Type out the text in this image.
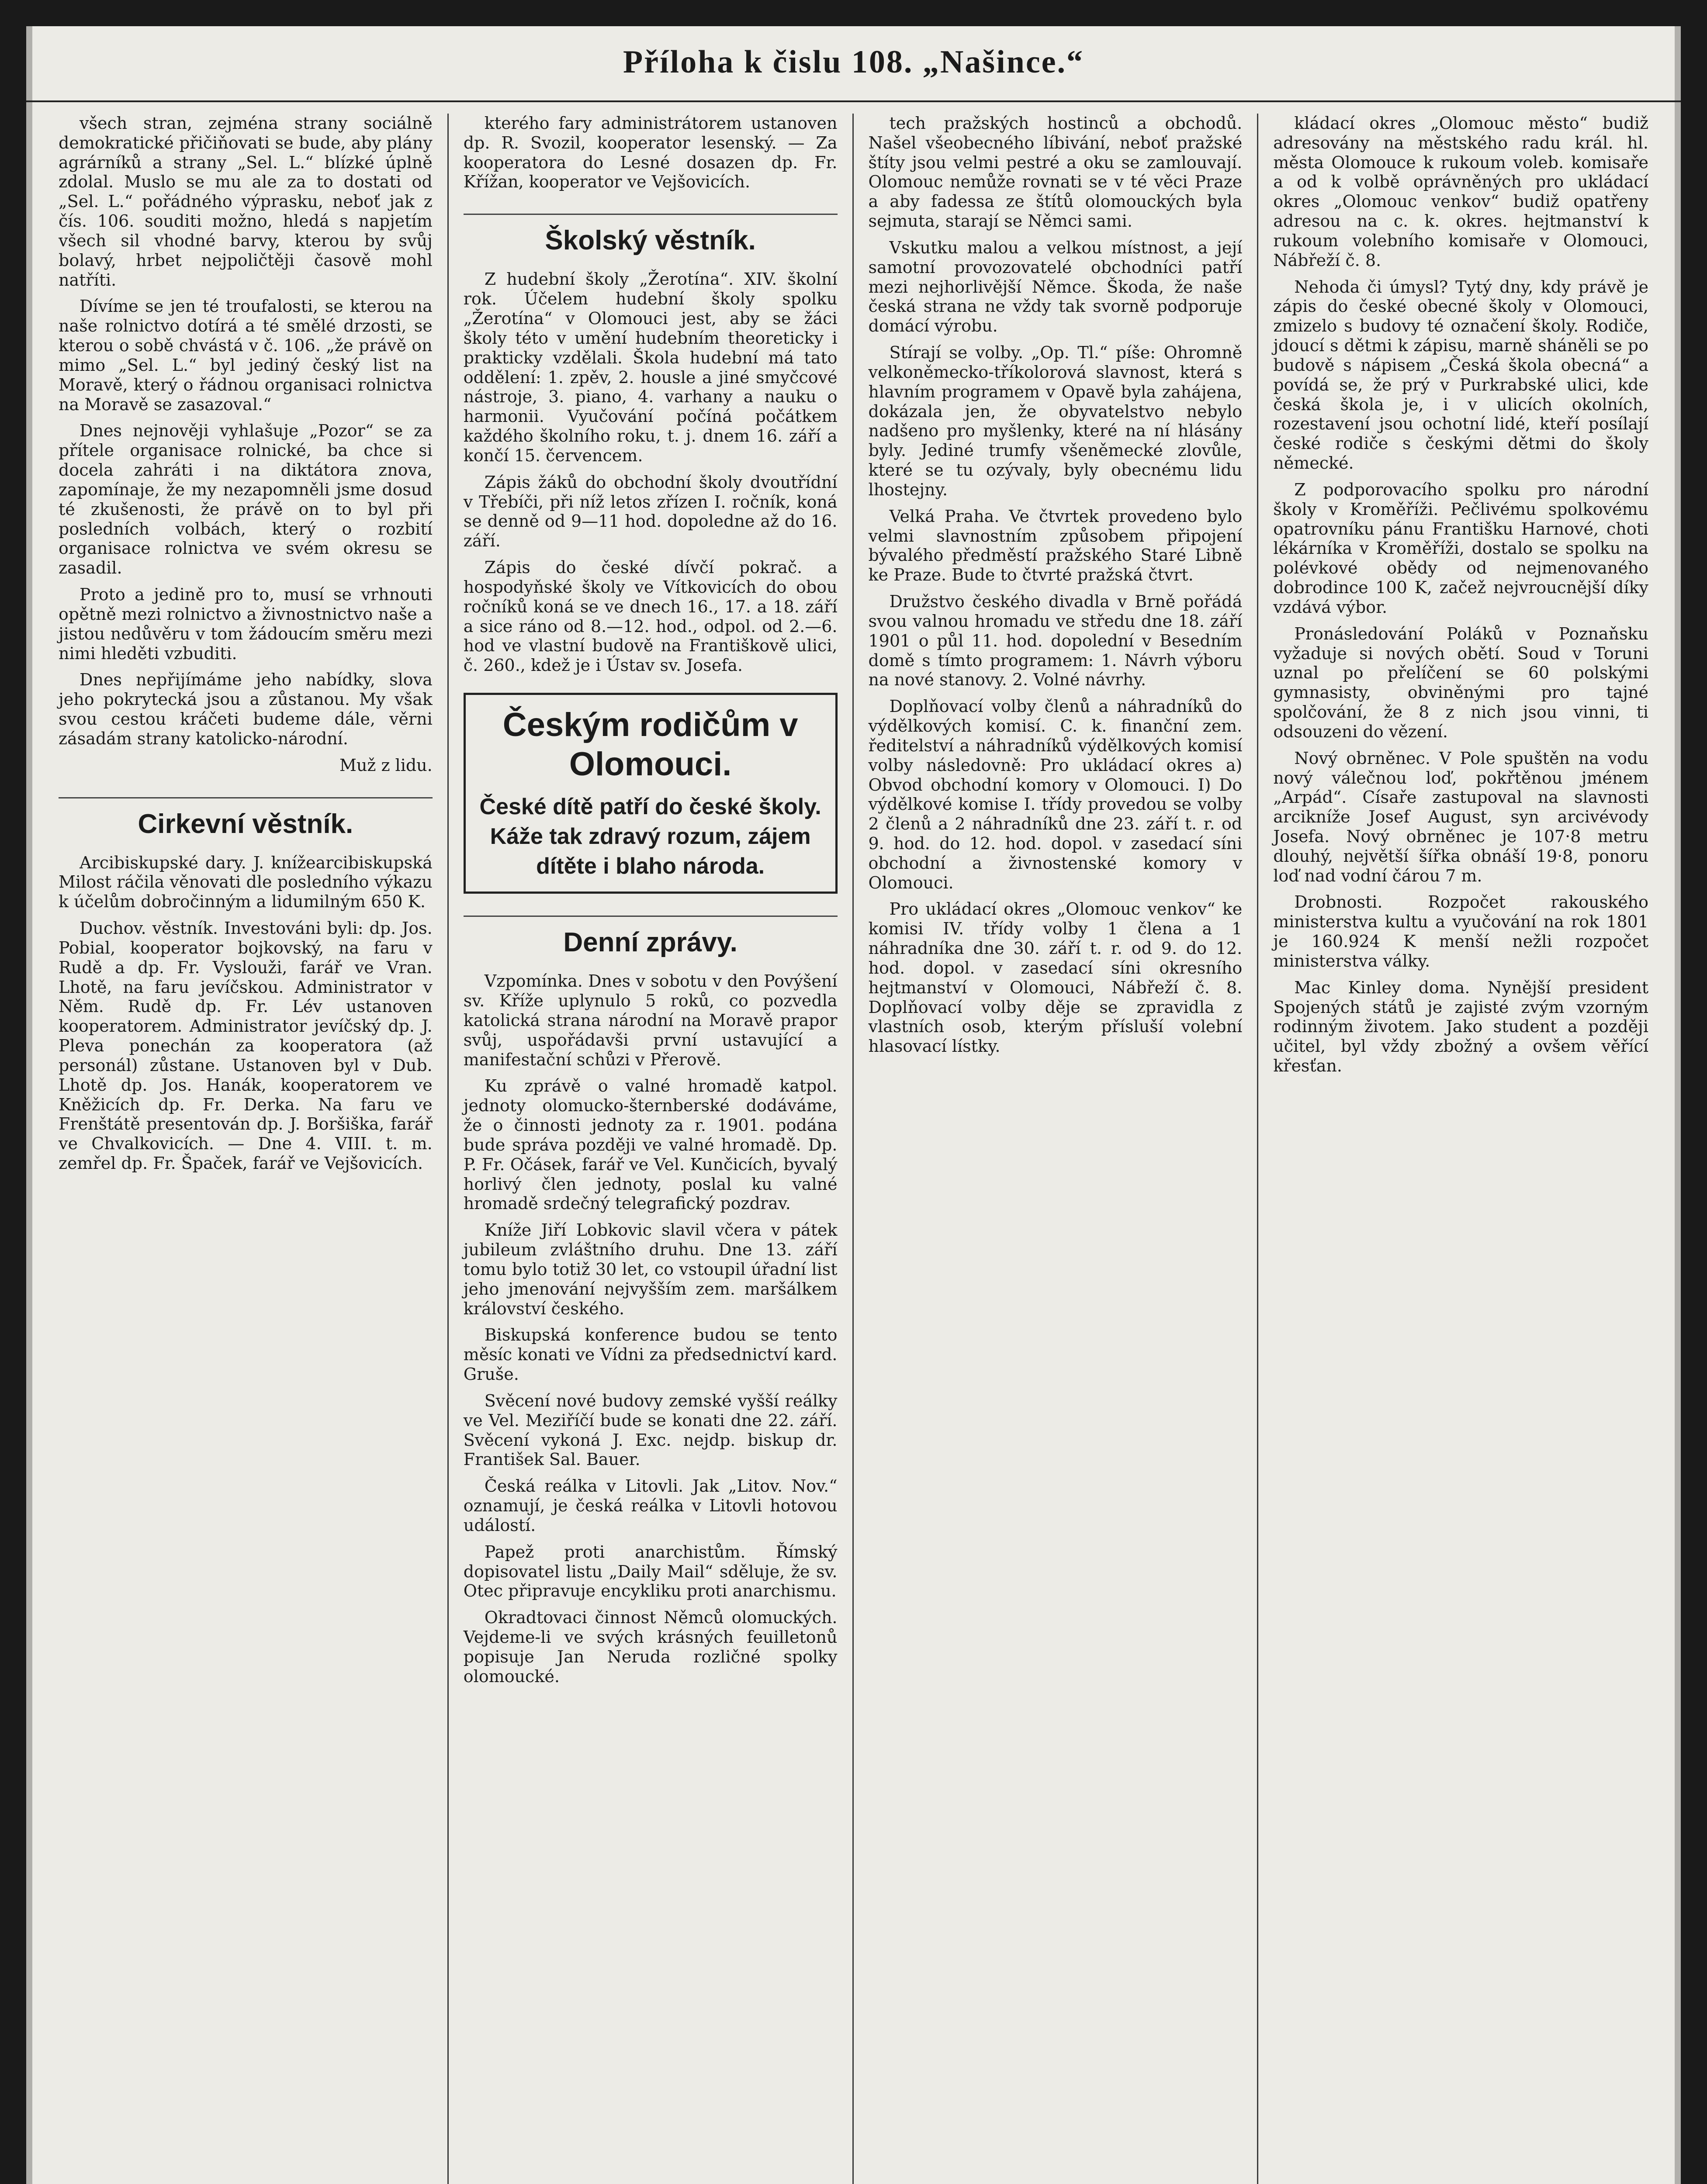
Příloha k čislu 108. „Našince.“

všech stran, zejména strany sociálně demokratické přičiňovati se bude, aby plány agrárníků a strany „Sel. L.“ blízké úplně zdolal. Muslo se mu ale za to dostati od „Sel. L.“ pořádného výprasku, neboť jak z čís. 106. souditi možno, hledá s napjetím všech sil vhodné barvy, kterou by svůj bolavý, hrbet nejpoličtěji časově mohl natříti.

Dívíme se jen té troufalosti, se kterou na naše rolnictvo dotírá a té smělé drzosti, se kterou o sobě chvástá v č. 106. „že právě on mimo „Sel. L.“ byl jediný český list na Moravě, který o řádnou organisaci rolnictva na Moravě se zasazoval.“

Dnes nejnověji vyhlašuje „Pozor“ se za přítele organisace rolnické, ba chce si docela zahráti i na diktátora znova, zapomínaje, že my nezapomněli jsme dosud té zkušenosti, že právě on to byl při posledních volbách, který o rozbití organisace rolnictva ve svém okresu se zasadil.

Proto a jedině pro to, musí se vrhnouti opětně mezi rolnictvo a živnostnictvo naše a jistou nedůvěru v tom žádoucím směru mezi nimi hleděti vzbuditi.

Dnes nepřijímáme jeho nabídky, slova jeho pokrytecká jsou a zůstanou. My však svou cestou kráčeti budeme dále, věrni zásadám strany katolicko-národní.

Muž z lidu.
Cirkevní věstník.

Arcibiskupské dary. J. knížearcibiskupská Milost ráčila věnovati dle posledního výkazu k účelům dobročinným a lidumilným 650 K.

Duchov. věstník. Investováni byli: dp. Jos. Pobial, kooperator bojkovský, na faru v Rudě a dp. Fr. Vyslouži, farář ve Vran. Lhotě, na faru jevíčskou. Administrator v Něm. Rudě dp. Fr. Lév ustanoven kooperatorem. Administrator jevíčský dp. J. Pleva ponechán za kooperatora (až personál) zůstane. Ustanoven byl v Dub. Lhotě dp. Jos. Hanák, kooperatorem ve Kněžicích dp. Fr. Derka. Na faru ve Frenštátě presentován dp. J. Boršiška, farář ve Chvalkovicích. — Dne 4. VIII. t. m. zemřel dp. Fr. Špaček, farář ve Vejšovicích.

kterého fary administrátorem ustanoven dp. R. Svozil, kooperator lesenský. — Za kooperatora do Lesné dosazen dp. Fr. Křížan, kooperator ve Vejšovicích.

Školský věstník.

Z hudební školy „Žerotína“. XIV. školní rok. Účelem hudební školy spolku „Žerotína“ v Olomouci jest, aby se žáci školy této v umění hudebním theoreticky i prakticky vzdělali. Škola hudební má tato oddělení: 1. zpěv, 2. housle a jiné smyčcové nástroje, 3. piano, 4. varhany a nauku o harmonii. Vyučování počíná počátkem každého školního roku, t. j. dnem 16. září a končí 15. červencem.

Zápis žáků do obchodní školy dvoutřídní v Třebíči, při níž letos zřízen I. ročník, koná se denně od 9—11 hod. dopoledne až do 16. září.

Zápis do české dívčí pokrač. a hospodyňské školy ve Vítkovicích do obou ročníků koná se ve dnech 16., 17. a 18. září a sice ráno od 8.—12. hod., odpol. od 2.—6. hod ve vlastní budově na Františkově ulici, č. 260., kdež je i Ústav sv. Josefa.

Českým rodičům v Olomouci.
České dítě patří do české školy. Káže tak zdravý rozum, zájem dítěte i blaho národa.
Denní zprávy.

Vzpomínka. Dnes v sobotu v den Povýšení sv. Kříže uplynulo 5 roků, co pozvedla katolická strana národní na Moravě prapor svůj, uspořádavši první ustavující a manifestační schůzi v Přerově.

Ku zprávě o valné hromadě katpol. jednoty olomucko-šternberské dodáváme, že o činnosti jednoty za r. 1901. podána bude správa později ve valné hromadě. Dp. P. Fr. Očásek, farář ve Vel. Kunčicích, byvalý horlivý člen jednoty, poslal ku valné hromadě srdečný telegrafický pozdrav.

Kníže Jiří Lobkovic slavil včera v pátek jubileum zvláštního druhu. Dne 13. září tomu bylo totiž 30 let, co vstoupil úřadní list jeho jmenování nejvyšším zem. maršálkem království českého.

Biskupská konference budou se tento měsíc konati ve Vídni za předsednictví kard. Gruše.

Svěcení nové budovy zemské vyšší reálky ve Vel. Meziříčí bude se konati dne 22. září. Svěcení vykoná J. Exc. nejdp. biskup dr. František Sal. Bauer.

Česká reálka v Litovli. Jak „Litov. Nov.“ oznamují, je česká reálka v Litovli hotovou událostí.

Papež proti anarchistům. Římský dopisovatel listu „Daily Mail“ sděluje, že sv. Otec připravuje encykliku proti anarchismu.

Okradtovaci činnost Němců olomuckých. Vejdeme-li ve svých krásných feuilletonů popisuje Jan Neruda rozličné spolky olomoucké.

tech pražských hostinců a obchodů. Našel všeobecného líbivání, neboť pražské štíty jsou velmi pestré a oku se zamlouvají. Olomouc nemůže rovnati se v té věci Praze a aby fadessa ze štítů olomouckých byla sejmuta, starají se Němci sami.

Vskutku malou a velkou místnost, a její samotní provozovatelé obchodníci patří mezi nejhorlivější Němce. Škoda, že naše česká strana ne vždy tak svorně podporuje domácí výrobu.

Stírají se volby. „Op. Tl.“ píše: Ohromně velkoněmecko-tříkolorová slavnost, která s hlavním programem v Opavě byla zahájena, dokázala jen, že obyvatelstvo nebylo nadšeno pro myšlenky, které na ní hlásány byly. Jediné trumfy všeněmecké zlovůle, které se tu ozývaly, byly obecnému lidu lhostejny.

Velká Praha. Ve čtvrtek provedeno bylo velmi slavnostním způsobem připojení bývalého předměstí pražského Staré Libně ke Praze. Bude to čtvrté pražská čtvrt.

Družstvo českého divadla v Brně pořádá svou valnou hromadu ve středu dne 18. září 1901 o půl 11. hod. dopolední v Besedním domě s tímto programem: 1. Návrh výboru na nové stanovy. 2. Volné návrhy.

Doplňovací volby členů a náhradníků do výdělkových komisí. C. k. finanční zem. ředitelství a náhradníků výdělkových komisí volby následovně: Pro ukládací okres a) Obvod obchodní komory v Olomouci. I) Do výdělkové komise I. třídy provedou se volby 2 členů a 2 náhradníků dne 23. září t. r. od 9. hod. do 12. hod. dopol. v zasedací síni obchodní a živnostenské komory v Olomouci.

Pro ukládací okres „Olomouc venkov“ ke komisi IV. třídy volby 1 člena a 1 náhradníka dne 30. září t. r. od 9. do 12. hod. dopol. v zasedací síni okresního hejtmanství v Olomouci, Nábřeží č. 8. Doplňovací volby děje se zpravidla z vlastních osob, kterým přísluší volební hlasovací lístky.

kládací okres „Olomouc město“ budiž adresovány na městského radu král. hl. města Olomouce k rukoum voleb. komisaře a od k volbě oprávněných pro ukládací okres „Olomouc venkov“ budiž opatřeny adresou na c. k. okres. hejtmanství k rukoum volebního komisaře v Olomouci, Nábřeží č. 8.

Nehoda či úmysl? Tytý dny, kdy právě je zápis do české obecné školy v Olomouci, zmizelo s budovy té označení školy. Rodiče, jdoucí s dětmi k zápisu, marně sháněli se po budově s nápisem „Česká škola obecná“ a povídá se, že prý v Purkrabské ulici, kde česká škola je, i v ulicích okolních, rozestavení jsou ochotní lidé, kteří posílají české rodiče s českými dětmi do školy německé.

Z podporovacího spolku pro národní školy v Kroměříži. Pečlivému spolkovému opatrovníku pánu Františku Harnové, choti lékárníka v Kroměříži, dostalo se spolku na polévkové obědy od nejmenovaného dobrodince 100 K, začež nejvroucnější díky vzdává výbor.

Pronásledování Poláků v Poznaňsku vyžaduje si nových obětí. Soud v Toruni uznal po přelíčení se 60 polskými gymnasisty, obviněnými pro tajné spolčování, že 8 z nich jsou vinni, ti odsouzeni do vězení.

Nový obrněnec. V Pole spuštěn na vodu nový válečnou loď, pokřtěnou jménem „Arpád“. Císaře zastupoval na slavnosti arcikníže Josef August, syn arcivévody Josefa. Nový obrněnec je 107·8 metru dlouhý, největší šířka obnáší 19·8, ponoru loď nad vodní čárou 7 m.

Drobnosti. Rozpočet rakouského ministerstva kultu a vyučování na rok 1801 je 160.924 K menší nežli rozpočet ministerstva války.

Mac Kinley doma. Nynější president Spojených států je zajisté zvým vzorným rodinným životem. Jako student a později učitel, byl vždy zbožný a ovšem věřící křesťan.
